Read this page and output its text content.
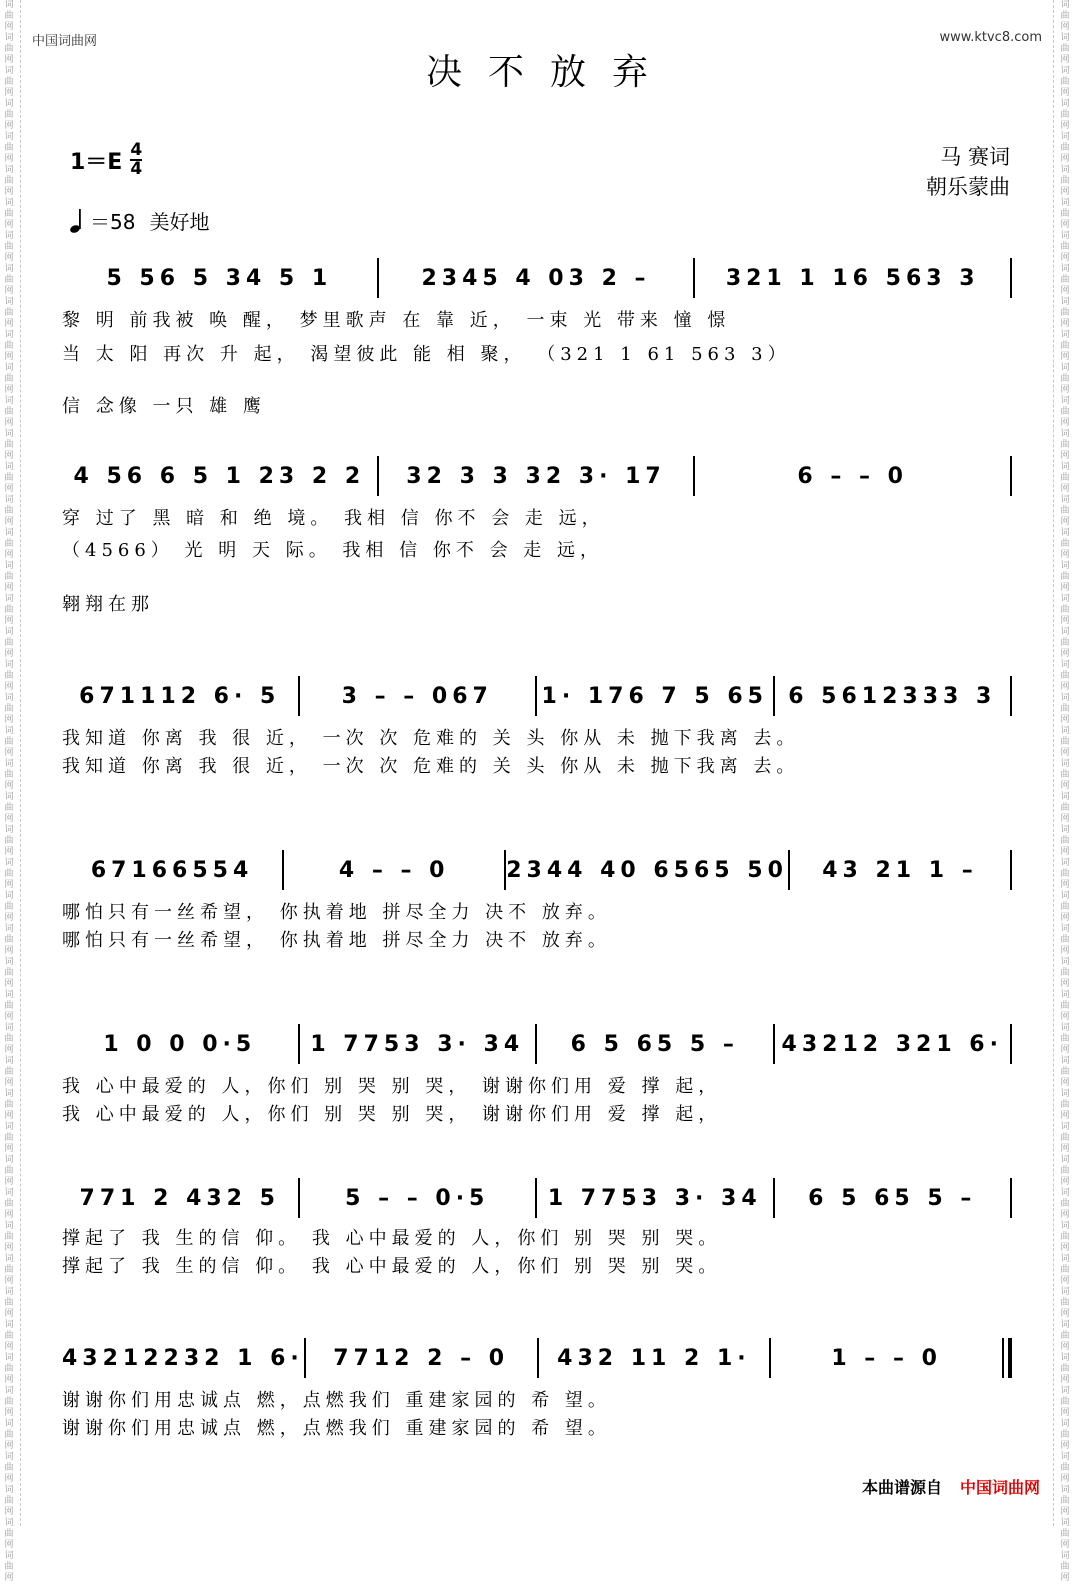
词曲网词曲网词曲网词曲网词曲网词曲网词曲网词曲网词曲网词曲网词曲网词曲网词曲网词曲网词曲网词曲网词曲网词曲网词曲网词曲网词曲网词曲网词曲网词曲网词曲网词曲网词曲网词曲网词曲网词曲网词曲网词曲网词曲网词曲网词曲网词曲网词曲网词曲网词曲网词曲网词曲网词曲网词曲网词曲网词曲网词曲网词曲网词曲网
词曲网词曲网词曲网词曲网词曲网词曲网词曲网词曲网词曲网词曲网词曲网词曲网词曲网词曲网词曲网词曲网词曲网词曲网词曲网词曲网词曲网词曲网词曲网词曲网词曲网词曲网词曲网词曲网词曲网词曲网词曲网词曲网词曲网词曲网词曲网词曲网词曲网词曲网词曲网词曲网词曲网词曲网词曲网词曲网词曲网词曲网词曲网词曲网
中国词曲网	www.ktvc8.com
决不放弃
$1=E \frac{4}{4}$
＝58 美好地
马 赛词
朝乐蒙曲
5 56 5 34 5 1	2345 4 03 2 –	321 1 16 563 3
黎 明 前我被 唤 醒， 梦里歌声 在 靠 近， 一束 光 带来 憧 憬
当 太 阳 再次 升 起， 渴望彼此 能 相 聚， （321 1 61 563 3）
信 念像 一只 雄 鹰
4 56 6 5 1 23 2 2	32 3 3 32 3· 17	6 – – 0
穿 过了 黑 暗 和 绝 境。 我相 信 你不 会 走 远，
（4566） 光 明 天 际。 我相 信 你不 会 走 远，
翱翔在那
671112 6· 5	3 – – 067	1· 176 7 5 65 6 5612333 3
我知道 你离 我 很 近， 一次 次 危难的 关 头 你从 未 抛下我离 去。
我知道 你离 我 很 近， 一次 次 危难的 关 头 你从 未 抛下我离 去。
67166554	4 – – 0	2344 40 6565 50	43 21 1 –
哪怕只有一丝希望， 你执着地 拼尽全力 决不 放弃。
哪怕只有一丝希望， 你执着地 拼尽全力 决不 放弃。
1 0 0 0·5	1 7753 3· 34	6 5 65 5 –	43212 321 6·
我 心中最爱的 人，你们 别 哭 别 哭， 谢谢你们用 爱 撑 起，
我 心中最爱的 人，你们 别 哭 别 哭， 谢谢你们用 爱 撑 起，
771 2 432 5	5 – – 0·5	1 7753 3· 34	6 5 65 5 –
撑起了 我 生的信 仰。 我 心中最爱的 人，你们 别 哭 别 哭。
撑起了 我 生的信 仰。 我 心中最爱的 人，你们 别 哭 别 哭。
43212232 1 6·	7712 2 – 0	432 11 2 1·	1 – – 0
谢谢你们用忠诚点 燃，点燃我们 重建家园的 希 望。
谢谢你们用忠诚点 燃，点燃我们 重建家园的 希 望。
本曲谱源自 中国词曲网
